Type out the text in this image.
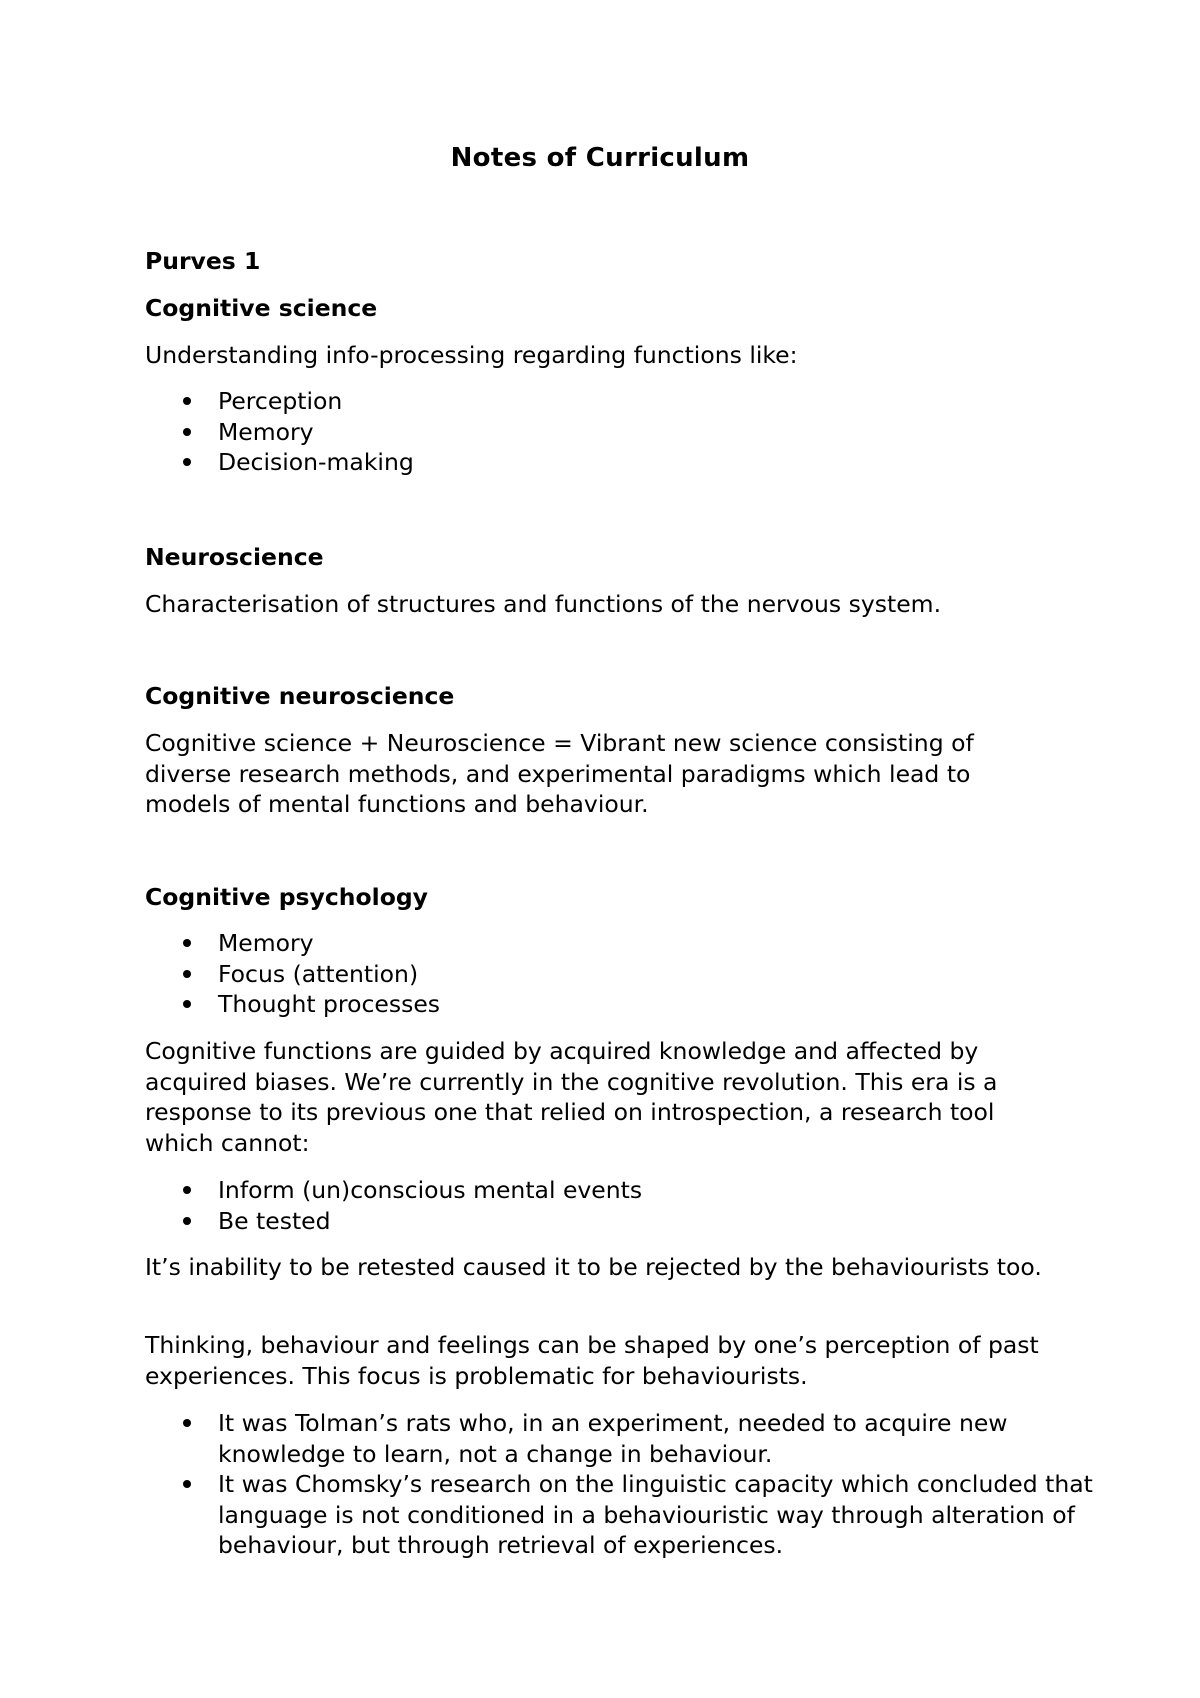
Notes of Curriculum
Purves 1
Cognitive science

Understanding info-processing regarding functions like:

Perception
Memory
Decision-making
Neuroscience

Characterisation of structures and functions of the nervous system.

Cognitive neuroscience

Cognitive science + Neuroscience = Vibrant new science consisting of diverse research methods, and experimental paradigms which lead to models of mental functions and behaviour.

Cognitive psychology
Memory
Focus (attention)
Thought processes

Cognitive functions are guided by acquired knowledge and affected by acquired biases. We’re currently in the cognitive revolution. This era is a response to its previous one that relied on introspection, a research tool which cannot:

Inform (un)conscious mental events
Be tested

It’s inability to be retested caused it to be rejected by the behaviourists too.

Thinking, behaviour and feelings can be shaped by one’s perception of past experiences. This focus is problematic for behaviourists.

It was Tolman’s rats who, in an experiment, needed to acquire new knowledge to learn, not a change in behaviour.
It was Chomsky’s research on the linguistic capacity which concluded that language is not conditioned in a behaviouristic way through alteration of behaviour, but through retrieval of experiences.
